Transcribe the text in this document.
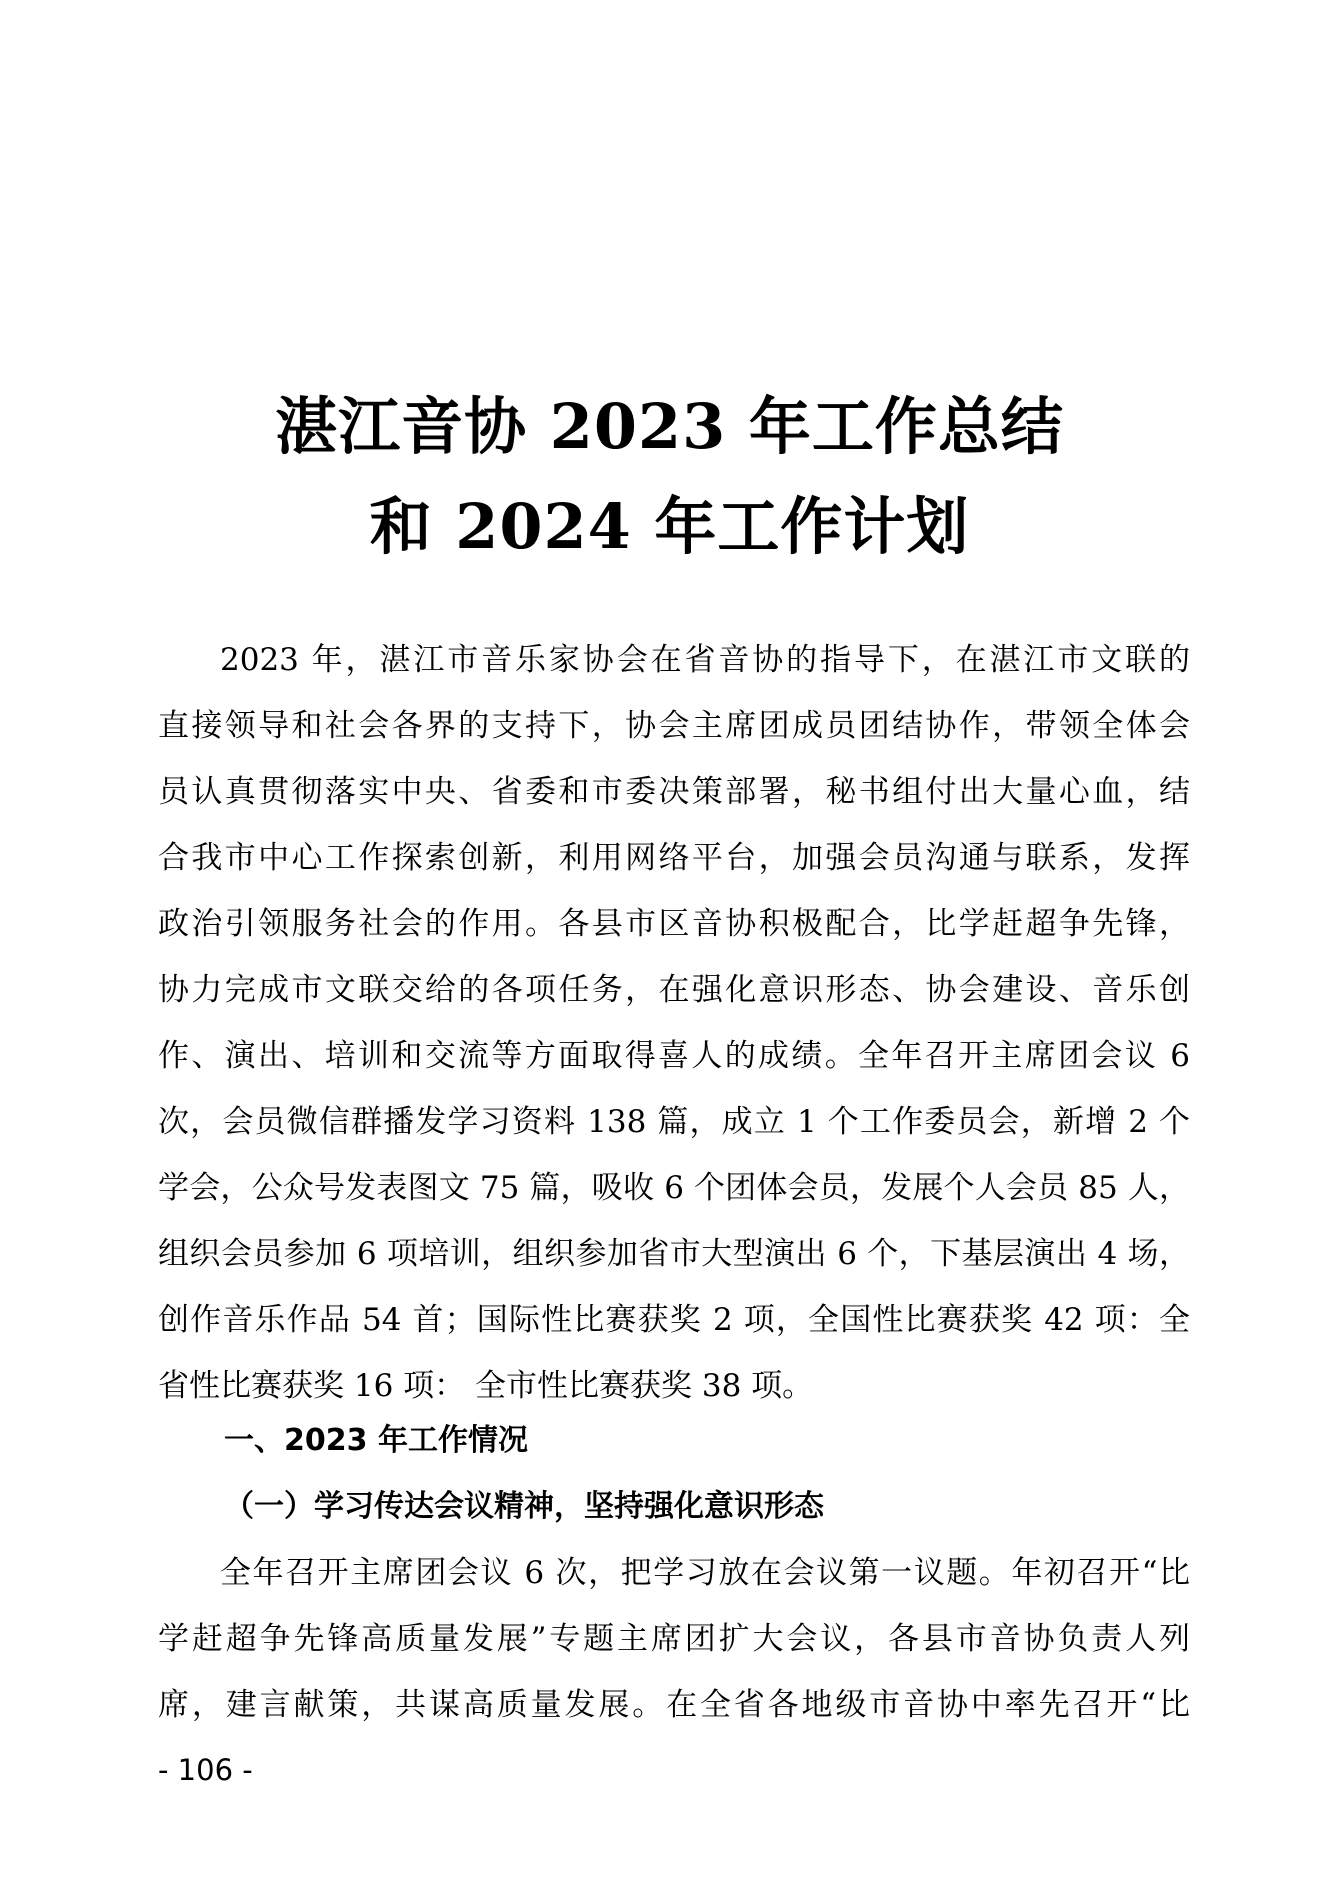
湛江音协 2023 年工作总结
和 2024 年工作计划
2023 年，湛江市音乐家协会在省音协的指导下，在湛江市文联的
直接领导和社会各界的支持下，协会主席团成员团结协作，带领全体会
员认真贯彻落实中央、省委和市委决策部署，秘书组付出大量心血，结
合我市中心工作探索创新，利用网络平台，加强会员沟通与联系，发挥
政治引领服务社会的作用。各县市区音协积极配合，比学赶超争先锋，
协力完成市文联交给的各项任务，在强化意识形态、协会建设、音乐创
作、演出、培训和交流等方面取得喜人的成绩。全年召开主席团会议 6
次，会员微信群播发学习资料 138 篇，成立 1 个工作委员会，新增 2 个
学会，公众号发表图文 75 篇，吸收 6 个团体会员，发展个人会员 85 人，
组织会员参加 6 项培训，组织参加省市大型演出 6 个，下基层演出 4 场，
创作音乐作品 54 首；国际性比赛获奖 2 项，全国性比赛获奖 42 项：全
省性比赛获奖 16 项： 全市性比赛获奖 38 项。
一、2023 年工作情况
（一）学习传达会议精神，坚持强化意识形态
全年召开主席团会议 6 次，把学习放在会议第一议题。年初召开“比
学赶超争先锋高质量发展”专题主席团扩大会议，各县市音协负责人列
席，建言献策，共谋高质量发展。在全省各地级市音协中率先召开“比
- 106 -
